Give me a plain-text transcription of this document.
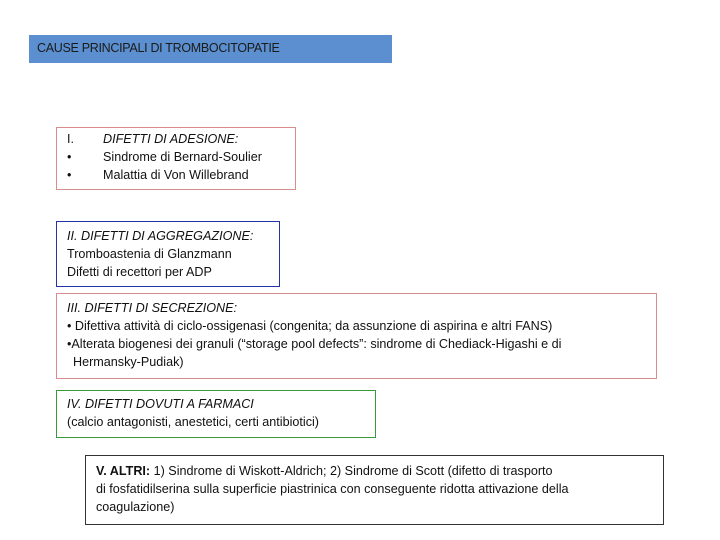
CAUSE PRINCIPALI DI TROMBOCITOPATIE
I.	DIFETTI DI ADESIONE:
•	Sindrome di Bernard-Soulier
•	Malattia di Von Willebrand
II. DIFETTI DI AGGREGAZIONE:
Tromboastenia di Glanzmann
Difetti di recettori per ADP
III. DIFETTI DI SECREZIONE:
• Difettiva attività di ciclo-ossigenasi (congenita; da assunzione di aspirina e altri FANS)
•Alterata biogenesi dei granuli (“storage pool defects”: sindrome di Chediack-Higashi e di
Hermansky-Pudiak)
IV. DIFETTI DOVUTI A FARMACI
(calcio antagonisti, anestetici, certi antibiotici)
V. ALTRI: 1) Sindrome di Wiskott-Aldrich; 2) Sindrome di Scott (difetto di trasporto
di fosfatidilserina sulla superficie piastrinica con conseguente ridotta attivazione della
coagulazione)
